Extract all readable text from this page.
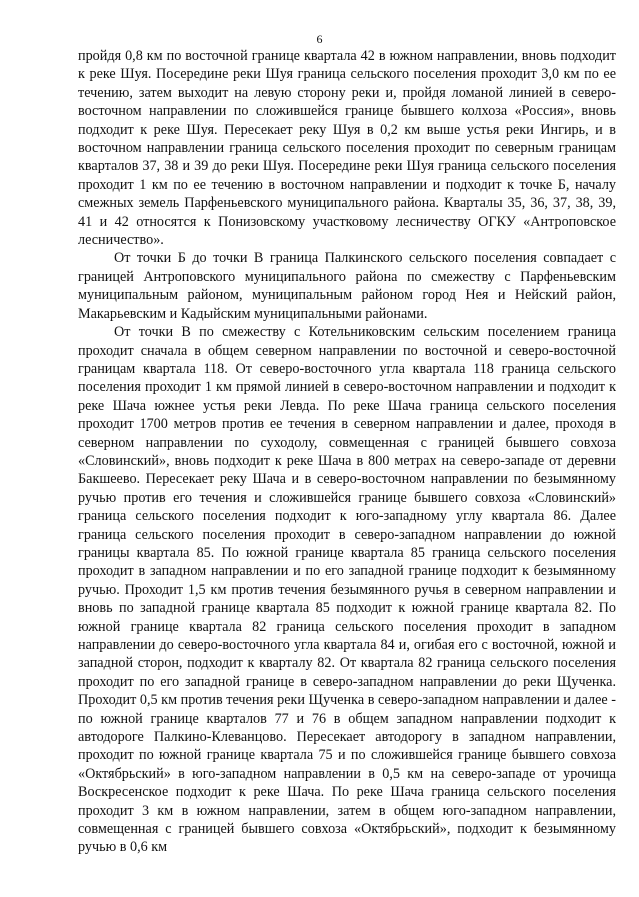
6

пройдя 0,8 км по восточной границе квартала 42 в южном направлении, вновь подходит к реке Шуя. Посередине реки Шуя граница сельского поселения проходит 3,0 км по ее течению, затем выходит на левую сторону реки и, пройдя ломаной линией в северо-восточном направлении по сложившейся границе бывшего колхоза «Россия», вновь подходит к реке Шуя. Пересекает реку Шуя в 0,2 км выше устья реки Ингирь, и в восточном направлении граница сельского поселения проходит по северным границам кварталов 37, 38 и 39 до реки Шуя. Посередине реки Шуя граница сельского поселения проходит 1 км по ее течению в восточном направлении и подходит к точке Б, началу смежных земель Парфеньевского муниципального района. Кварталы 35, 36, 37, 38, 39, 41 и 42 относятся к Понизовскому участковому лесничеству ОГКУ «Антроповское лесничество».

От точки Б до точки В граница Палкинского сельского поселения совпадает с границей Антроповского муниципального района по смежеству с Парфеньевским муниципальным районом, муниципальным районом город Нея и Нейский район, Макарьевским и Кадыйским муниципальными районами.

От точки В по смежеству с Котельниковским сельским поселением граница проходит сначала в общем северном направлении по восточной и северо-восточной границам квартала 118. От северо-восточного угла квартала 118 граница сельского поселения проходит 1 км прямой линией в северо-восточном направлении и подходит к реке Шача южнее устья реки Левда. По реке Шача граница сельского поселения проходит 1700 метров против ее течения в северном направлении и далее, проходя в северном направлении по суходолу, совмещенная с границей бывшего совхоза «Словинский», вновь подходит к реке Шача в 800 метрах на северо-западе от деревни Бакшеево. Пересекает реку Шача и в северо-восточном направлении по безымянному ручью против его течения и сложившейся границе бывшего совхоза «Словинский» граница сельского поселения подходит к юго-западному углу квартала 86. Далее граница сельского поселения проходит в северо-западном направлении до южной границы квартала 85. По южной границе квартала 85 граница сельского поселения проходит в западном направлении и по его западной границе подходит к безымянному ручью. Проходит 1,5 км против течения безымянного ручья в северном направлении и вновь по западной границе квартала 85 подходит к южной границе квартала 82. По южной границе квартала 82 граница сельского поселения проходит в западном направлении до северо-восточного угла квартала 84 и, огибая его с восточной, южной и западной сторон, подходит к кварталу 82. От квартала 82 граница сельского поселения проходит по его западной границе в северо-западном направлении до реки Щученка. Проходит 0,5 км против течения реки Щученка в северо-западном направлении и далее - по южной границе кварталов 77 и 76 в общем западном направлении подходит к автодороге Палкино-Клеванцово. Пересекает автодорогу в западном направлении, проходит по южной границе квартала 75 и по сложившейся границе бывшего совхоза «Октябрьский» в юго-западном направлении в 0,5 км на северо-западе от урочища Воскресенское подходит к реке Шача. По реке Шача граница сельского поселения проходит 3 км в южном направлении, затем в общем юго-западном направлении, совмещенная с границей бывшего совхоза «Октябрьский», подходит к безымянному ручью в 0,6 км
